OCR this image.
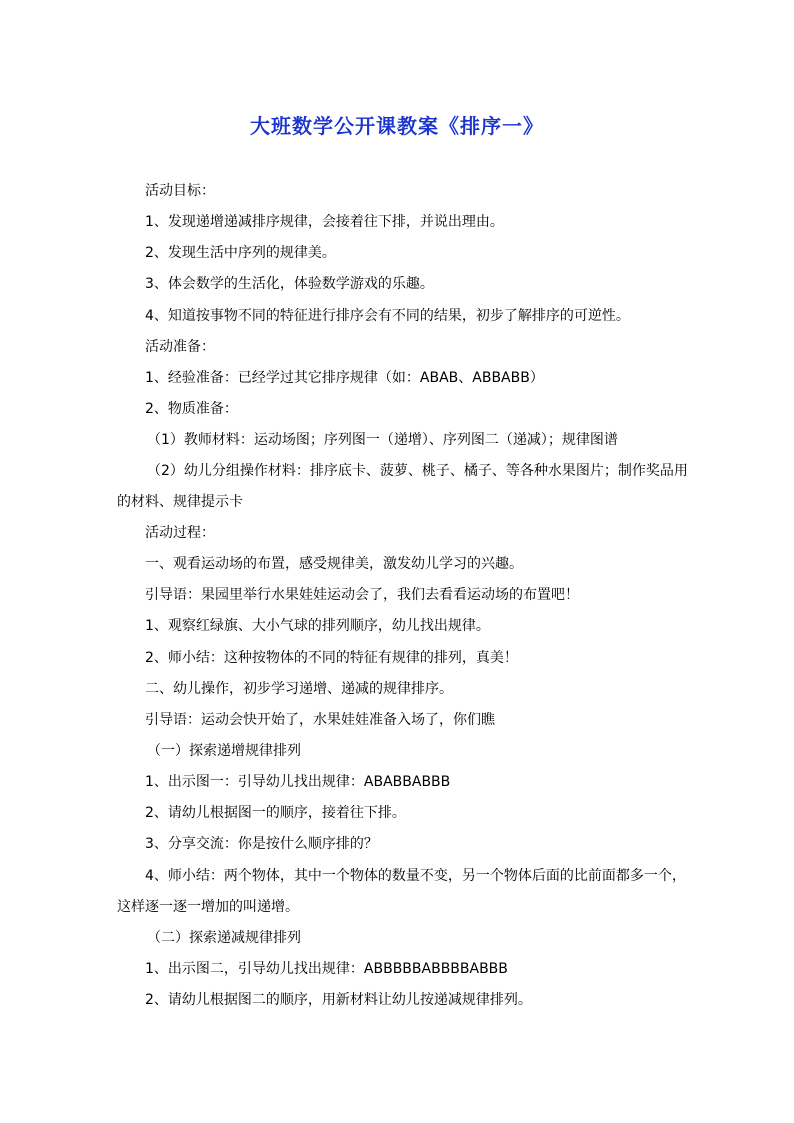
大班数学公开课教案《排序一》
活动目标：
1、发现递增递减排序规律，会接着往下排，并说出理由。
2、发现生活中序列的规律美。
3、体会数学的生活化，体验数学游戏的乐趣。
4、知道按事物不同的特征进行排序会有不同的结果，初步了解排序的可逆性。
活动准备：
1、经验准备：已经学过其它排序规律（如：ABAB、ABBABB）
2、物质准备：
（1）教师材料：运动场图；序列图一（递增）、序列图二（递减）；规律图谱
（2）幼儿分组操作材料：排序底卡、菠萝、桃子、橘子、等各种水果图片；制作奖品用
的材料、规律提示卡
活动过程：
一、观看运动场的布置，感受规律美，激发幼儿学习的兴趣。
引导语：果园里举行水果娃娃运动会了，我们去看看运动场的布置吧！
1、观察红绿旗、大小气球的排列顺序，幼儿找出规律。
2、师小结：这种按物体的不同的特征有规律的排列，真美！
二、幼儿操作，初步学习递增、递减的规律排序。
引导语：运动会快开始了，水果娃娃准备入场了，你们瞧
（一）探索递增规律排列
1、出示图一：引导幼儿找出规律：ABABBABBB
2、请幼儿根据图一的顺序，接着往下排。
3、分享交流：你是按什么顺序排的？
4、师小结：两个物体，其中一个物体的数量不变，另一个物体后面的比前面都多一个，
这样逐一逐一增加的叫递增。
（二）探索递减规律排列
1、出示图二，引导幼儿找出规律：ABBBBBABBBBABBB
2、请幼儿根据图二的顺序，用新材料让幼儿按递减规律排列。
